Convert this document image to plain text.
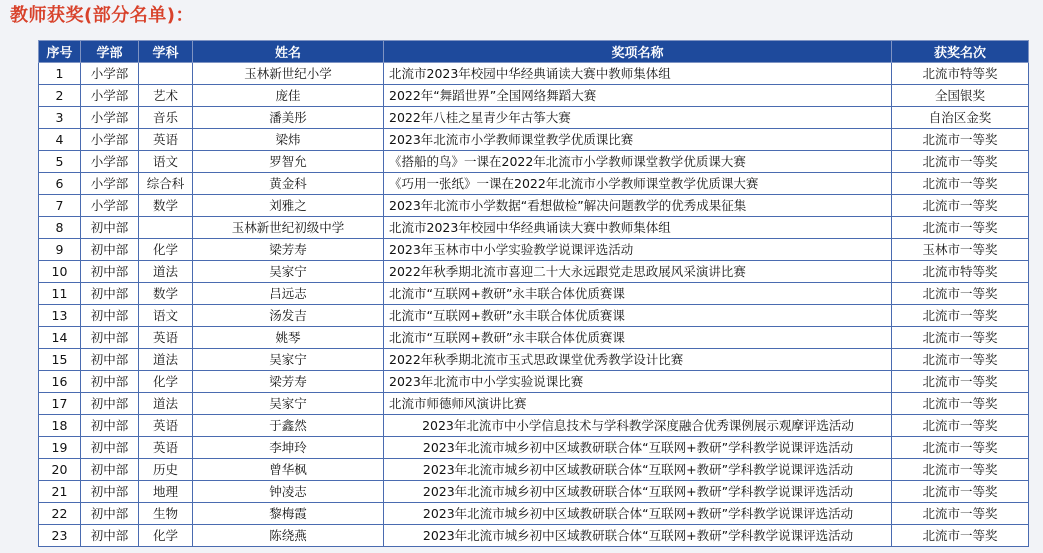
教师获奖(部分名单)：
序号	学部	学科	姓名	奖项名称	获奖名次
1	小学部		玉林新世纪小学	北流市2023年校园中华经典诵读大赛中教师集体组	北流市特等奖
2	小学部	艺术	庞佳	2022年“舞蹈世界”全国网络舞蹈大赛	全国银奖
3	小学部	音乐	潘美彤	2022年八桂之星青少年古筝大赛	自治区金奖
4	小学部	英语	梁炜	2023年北流市小学教师课堂教学优质课比赛	北流市一等奖
5	小学部	语文	罗智允	《搭船的鸟》一课在2022年北流市小学教师课堂教学优质课大赛	北流市一等奖
6	小学部	综合科	黄金科	《巧用一张纸》一课在2022年北流市小学教师课堂教学优质课大赛	北流市一等奖
7	小学部	数学	刘雅之	2023年北流市小学数据“看想做检”解决问题教学的优秀成果征集	北流市一等奖
8	初中部		玉林新世纪初级中学	北流市2023年校园中华经典诵读大赛中教师集体组	北流市一等奖
9	初中部	化学	梁芳寿	2023年玉林市中小学实验教学说课评选活动	玉林市一等奖
10	初中部	道法	吴家宁	2022年秋季期北流市喜迎二十大永远跟党走思政展风采演讲比赛	北流市特等奖
11	初中部	数学	吕远志	北流市“互联网+教研”永丰联合体优质赛课	北流市一等奖
13	初中部	语文	汤发吉	北流市“互联网+教研”永丰联合体优质赛课	北流市一等奖
14	初中部	英语	姚琴	北流市“互联网+教研”永丰联合体优质赛课	北流市一等奖
15	初中部	道法	吴家宁	2022年秋季期北流市玉式思政课堂优秀教学设计比赛	北流市一等奖
16	初中部	化学	梁芳寿	2023年北流市中小学实验说课比赛	北流市一等奖
17	初中部	道法	吴家宁	北流市师德师风演讲比赛	北流市一等奖
18	初中部	英语	于鑫然	2023年北流市中小学信息技术与学科教学深度融合优秀课例展示观摩评选活动	北流市一等奖
19	初中部	英语	李坤玲	2023年北流市城乡初中区域教研联合体“互联网+教研”学科教学说课评选活动	北流市一等奖
20	初中部	历史	曾华枫	2023年北流市城乡初中区域教研联合体“互联网+教研”学科教学说课评选活动	北流市一等奖
21	初中部	地理	钟凌志	2023年北流市城乡初中区域教研联合体“互联网+教研”学科教学说课评选活动	北流市一等奖
22	初中部	生物	黎梅霞	2023年北流市城乡初中区域教研联合体“互联网+教研”学科教学说课评选活动	北流市一等奖
23	初中部	化学	陈绕燕	2023年北流市城乡初中区域教研联合体“互联网+教研”学科教学说课评选活动	北流市一等奖
